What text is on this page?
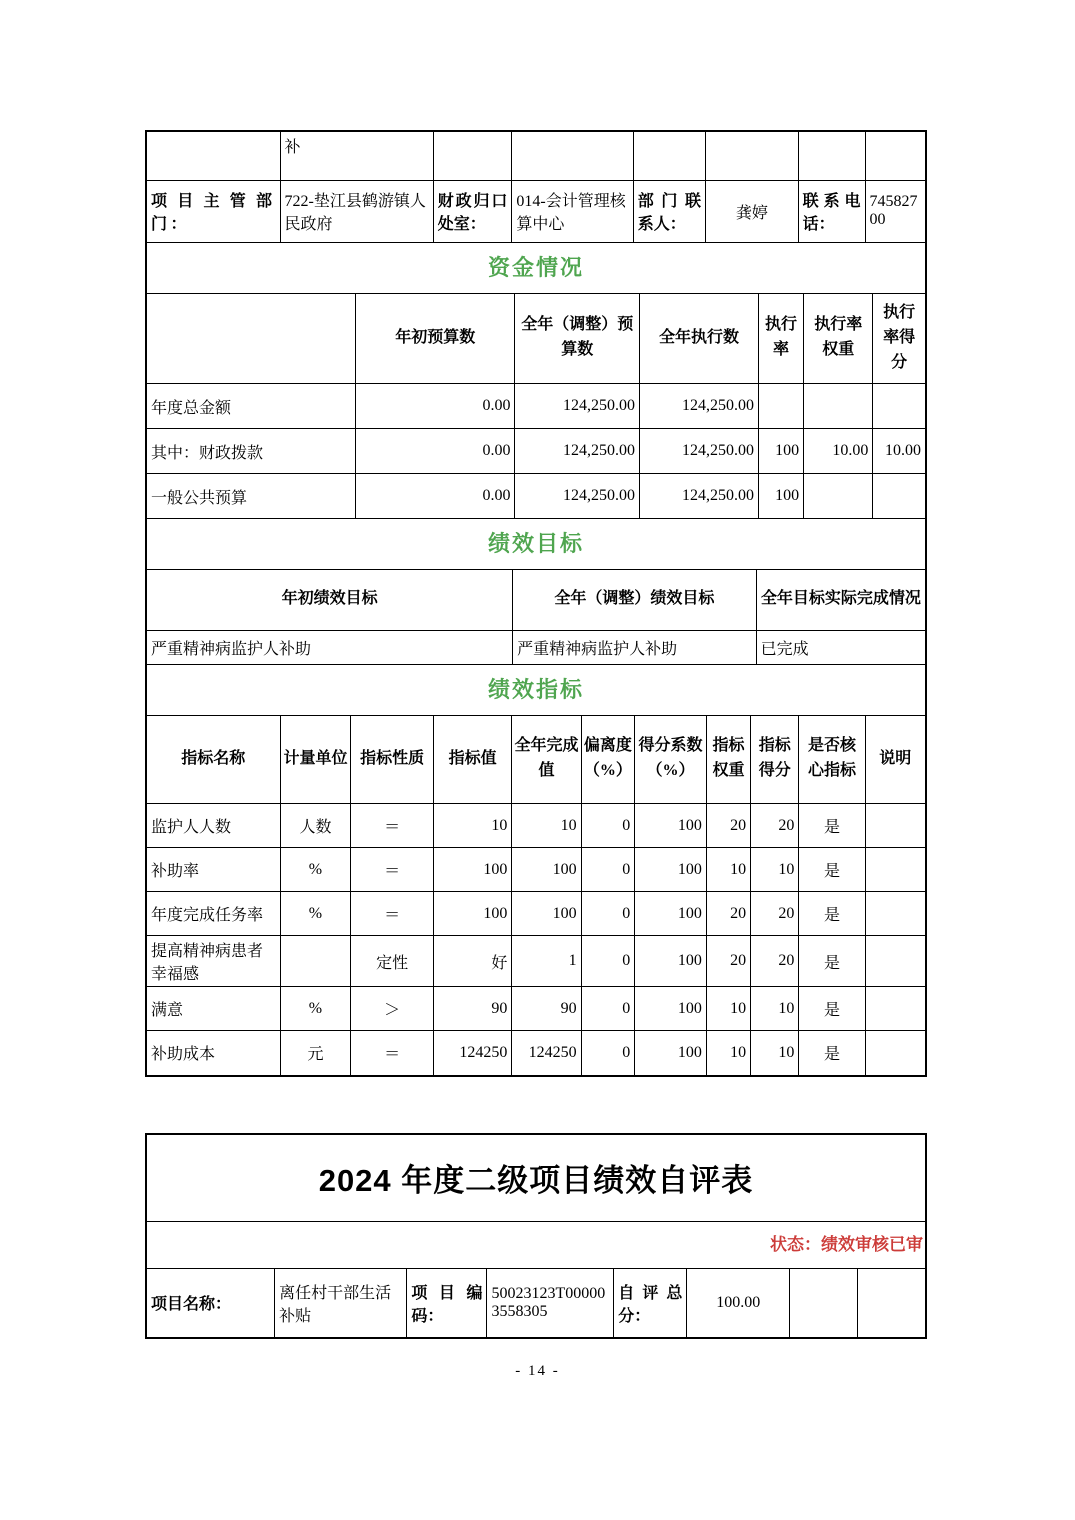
	补						
项目主管部门：	722-垫江县鹤游镇人民政府	财政归口处室：	014-会计管理核算中心	部门联系人：	龚婷	联系电话：	74582700
资金情况
	年初预算数	全年（调整）预算数	全年执行数	执行率	执行率权重	执行率得分
年度总金额	0.00	124,250.00	124,250.00			
其中：财政拨款	0.00	124,250.00	124,250.00	100	10.00	10.00
一般公共预算	0.00	124,250.00	124,250.00	100		
绩效目标
年初绩效目标	全年（调整）绩效目标	全年目标实际完成情况
严重精神病监护人补助	严重精神病监护人补助	已完成
绩效指标
指标名称	计量单位	指标性质	指标值	全年完成值	偏离度（%）	得分系数（%）	指标权重	指标得分	是否核心指标	说明
监护人人数	人数	＝	10	10	0	100	20	20	是	
补助率	%	＝	100	100	0	100	10	10	是	
年度完成任务率	%	＝	100	100	0	100	20	20	是	
提高精神病患者幸福感		定性	好	1	0	100	20	20	是	
满意	%	＞	90	90	0	100	10	10	是	
补助成本	元	＝	124250	124250	0	100	10	10	是	
2024 年度二级项目绩效自评表
状态：绩效审核已审
项目名称：	离任村干部生活补贴	项目编码：	50023123T000003558305	自评总分：	100.00		
- 14 -
